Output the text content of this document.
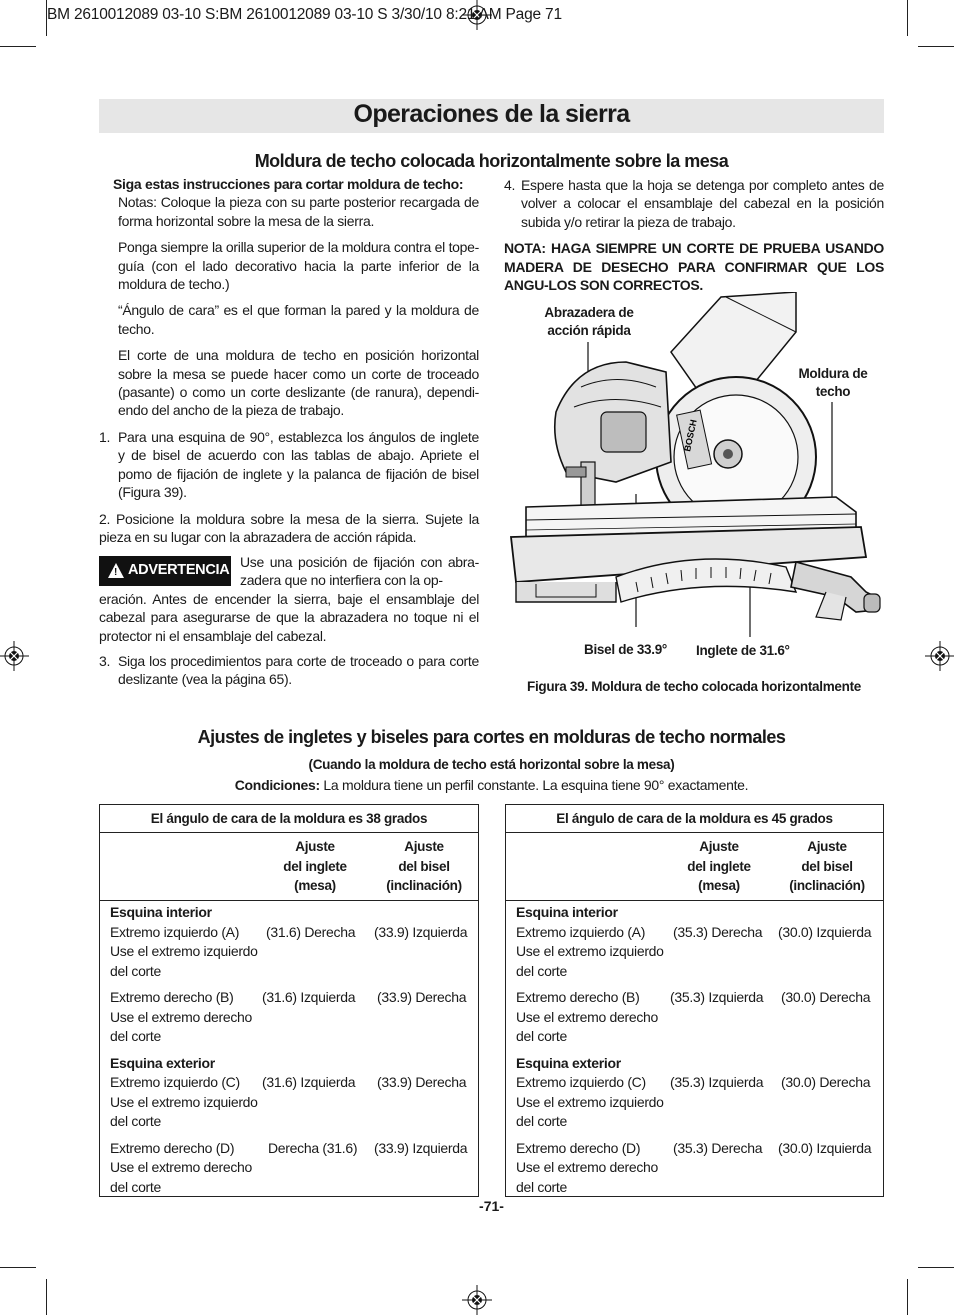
BM 2610012089 03-10 S:BM 2610012089 03-10 S 3/30/10 8:21 AM Page 71
Operaciones de la sierra
Moldura de techo colocada horizontalmente sobre la mesa

Siga estas instrucciones para cortar moldura de techo:

Notas: Coloque la pieza con su parte posterior recargada de forma horizontal sobre la mesa de la sierra.

Ponga siempre la orilla superior de la moldura contra el tope-guía (con el lado decorativo hacia la parte inferior de la moldura de techo.)

“Ángulo de cara” es el que forman la pared y la moldura de techo.

El corte de una moldura de techo en posición horizontal sobre la mesa se puede hacer como un corte de troceado (pasante) o como un corte deslizante (de ranura), dependi-endo del ancho de la pieza de trabajo.

1. Para una esquina de 90°, establezca los ángulos de inglete y de bisel de acuerdo con las tablas de abajo. Apriete el pomo de fijación de inglete y la palanca de fijación de bisel (Figura 39).

2. Posicione la moldura sobre la mesa de la sierra. Sujete la pieza en su lugar con la abrazadera de acción rápida.

! ADVERTENCIA Use una posición de fijación con abra-zadera que no interfiera con la op-
eración. Antes de encender la sierra, baje el ensamblaje del cabezal para asegurarse de que la abrazadera no toque ni el protector ni el ensamblaje del cabezal.
3. Siga los procedimientos para corte de troceado o para corte deslizante (vea la página 65).

4. Espere hasta que la hoja se detenga por completo antes de volver a colocar el ensamblaje del cabezal en la posición subida y/o retirar la pieza de trabajo.

NOTA: HAGA SIEMPRE UN CORTE DE PRUEBA USANDO MADERA DE DESECHO PARA CONFIRMAR QUE LOS ANGU-LOS SON CORRECTOS.

Abrazadera de
acción rápida
Moldura de
techo
BOSCH
Bisel de 33.9°	Inglete de 31.6°
Figura 39. Moldura de techo colocada horizontalmente
Ajustes de ingletes y biseles para cortes en molduras de techo normales
(Cuando la moldura de techo está horizontal sobre la mesa)
Condiciones: La moldura tiene un perfil constante. La esquina tiene 90° exactamente.
El ángulo de cara de la moldura es 38 grados
Ajuste
del inglete
(mesa)
Ajuste
del bisel
(inclinación)
Esquina interior
Extremo izquierdo (A) (31.6) Derecha (33.9) Izquierda
Use el extremo izquierdo
del corte
Extremo derecho (B) (31.6) Izquierda (33.9) Derecha
Use el extremo derecho
del corte
Esquina exterior
Extremo izquierdo (C) (31.6) Izquierda (33.9) Derecha
Use el extremo izquierdo
del corte
Extremo derecho (D) Derecha (31.6) (33.9) Izquierda
Use el extremo derecho
del corte
El ángulo de cara de la moldura es 45 grados
Ajuste
del inglete
(mesa)
Ajuste
del bisel
(inclinación)
Esquina interior
Extremo izquierdo (A) (35.3) Derecha (30.0) Izquierda
Use el extremo izquierdo
del corte
Extremo derecho (B) (35.3) Izquierda (30.0) Derecha
Use el extremo derecho
del corte
Esquina exterior
Extremo izquierdo (C) (35.3) Izquierda (30.0) Derecha
Use el extremo izquierdo
del corte
Extremo derecho (D) (35.3) Derecha (30.0) Izquierda
Use el extremo derecho
del corte
-71-
